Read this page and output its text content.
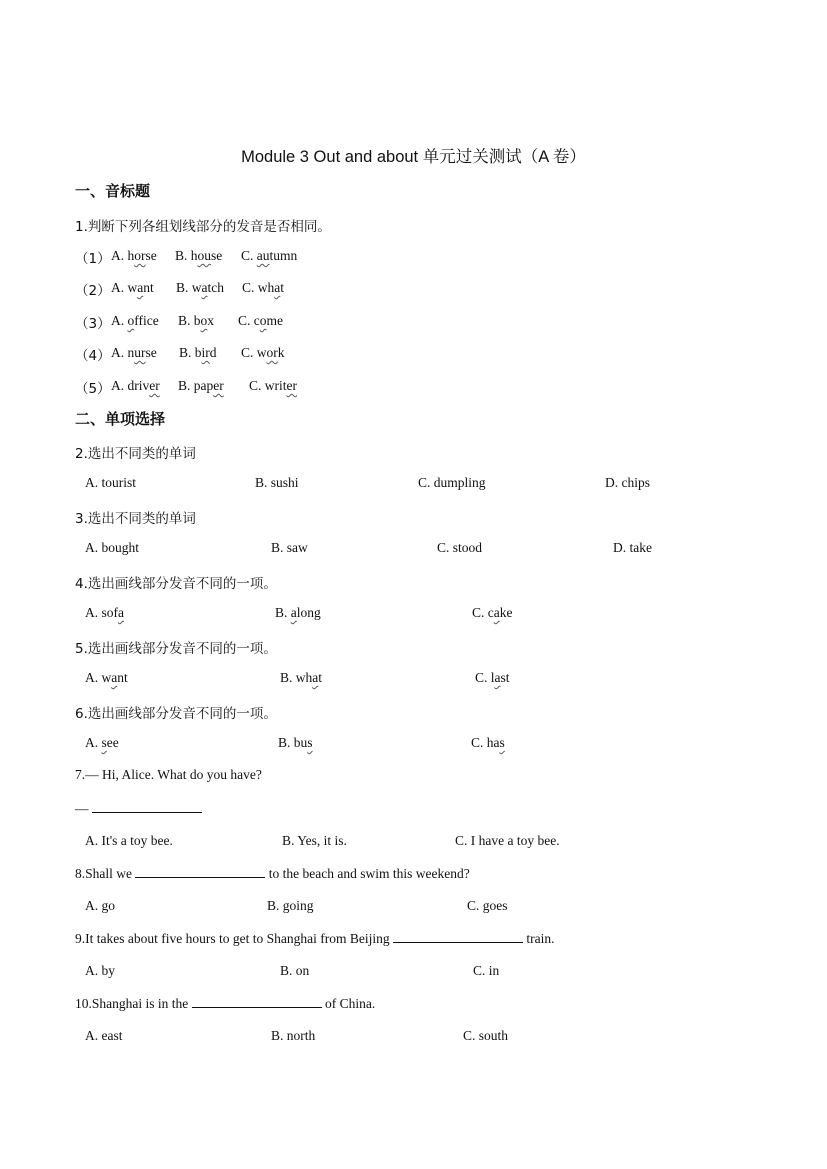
Module 3 Out and about 单元过关测试（A 卷）
一、音标题
1.判断下列各组划线部分的发音是否相同。
（1） A. horse B. house C. autumn
（2） A. want B. watch C. what
（3） A. office B. box C. come
（4） A. nurse B. bird C. work
（5） A. driver B. paper C. writer
二、单项选择
2.选出不同类的单词
A. tourist	B. sushi	C. dumpling	D. chips
3.选出不同类的单词
A. bought	B. saw	C. stood	D. take
4.选出画线部分发音不同的一项。
A. sofa	B. along	C. cake
5.选出画线部分发音不同的一项。
A. want	B. what	C. last
6.选出画线部分发音不同的一项。
A. see	B. bus	C. has
7.— Hi, Alice. What do you have?
—
A. It's a toy bee.	B. Yes, it is.	C. I have a toy bee.
8.Shall we	to the beach and swim this weekend?
A. go	B. going	C. goes
9.It takes about five hours to get to Shanghai from Beijing	train.
A. by	B. on	C. in
10.Shanghai is in the	of China.
A. east	B. north	C. south
